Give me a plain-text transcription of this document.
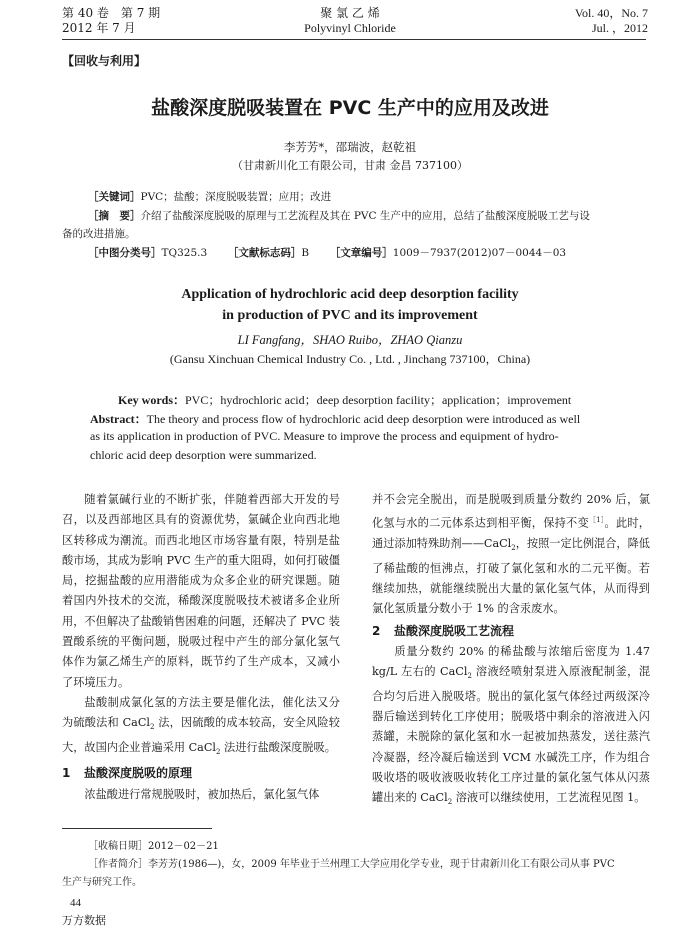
第 40 卷　第 7 期
2012 年 7 月
聚 氯 乙 烯
Polyvinyl Chloride
Vol. 40，No. 7
Jul. ，2012
【回收与利用】
盐酸深度脱吸装置在 PVC 生产中的应用及改进
李芳芳*，邵瑞波，赵乾祖
（甘肃新川化工有限公司，甘肃 金昌 737100）
［关键词］PVC；盐酸；深度脱吸装置；应用；改进
［摘　要］介绍了盐酸深度脱吸的原理与工艺流程及其在 PVC 生产中的应用，总结了盐酸深度脱吸工艺与设
备的改进措施。
［中图分类号］TQ325.3 ［文献标志码］B ［文章编号］1009－7937(2012)07－0044－03
Application of hydrochloric acid deep desorption facility
in production of PVC and its improvement
LI Fangfang，SHAO Ruibo，ZHAO Qianzu
(Gansu Xinchuan Chemical Industry Co. , Ltd. , Jinchang 737100，China)
Key words：PVC；hydrochloric acid；deep desorption facility；application；improvement
Abstract：The theory and process flow of hydrochloric acid deep desorption were introduced as well
as its application in production of PVC. Measure to improve the process and equipment of hydro-
chloric acid deep desorption were summarized.

随着氯碱行业的不断扩张，伴随着西部大开发的号召，以及西部地区具有的资源优势，氯碱企业向西北地区转移成为潮流。而西北地区市场容量有限，特别是盐酸市场，其成为影响 PVC 生产的重大阻碍，如何打破僵局，挖掘盐酸的应用潜能成为众多企业的研究课题。随着国内外技术的交流，稀酸深度脱吸技术被诸多企业所用，不但解决了盐酸销售困难的问题，还解决了 PVC 装置酸系统的平衡问题，脱吸过程中产生的部分氯化氢气体作为氯乙烯生产的原料，既节约了生产成本，又减小了环境压力。

盐酸制成氯化氢的方法主要是催化法，催化法又分为硫酸法和 CaCl$_2$ 法，因硫酸的成本较高，安全风险较大，故国内企业普遍采用 CaCl$_2$ 法进行盐酸深度脱吸。

1 盐酸深度脱吸的原理

浓盐酸进行常规脱吸时，被加热后，氯化氢气体

并不会完全脱出，而是脱吸到质量分数约 20% 后，氯化氢与水的二元体系达到相平衡，保持不变$^{[1]}$。此时，通过添加特殊助剂——CaCl$_2$，按照一定比例混合，降低了稀盐酸的恒沸点，打破了氯化氢和水的二元平衡。若继续加热，就能继续脱出大量的氯化氢气体，从而得到氯化氢质量分数小于 1% 的含汞废水。

2 盐酸深度脱吸工艺流程

质量分数约 20% 的稀盐酸与浓缩后密度为 1.47 kg/L 左右的 CaCl$_2$ 溶液经喷射泵进入原液配制釜，混合均匀后进入脱吸塔。脱出的氯化氢气体经过两级深冷器后输送到转化工序使用；脱吸塔中剩余的溶液进入闪蒸罐，未脱除的氯化氢和水一起被加热蒸发，送往蒸汽冷凝器，经冷凝后输送到 VCM 水碱洗工序，作为组合吸收塔的吸收液吸收转化工序过量的氯化氢气体从闪蒸罐出来的 CaCl$_2$ 溶液可以继续使用，工艺流程见图 1。

［收稿日期］2012－02－21
［作者简介］李芳芳(1986—)，女，2009 年毕业于兰州理工大学应用化学专业，现于甘肃新川化工有限公司从事 PVC
生产与研究工作。
44
万方数据
